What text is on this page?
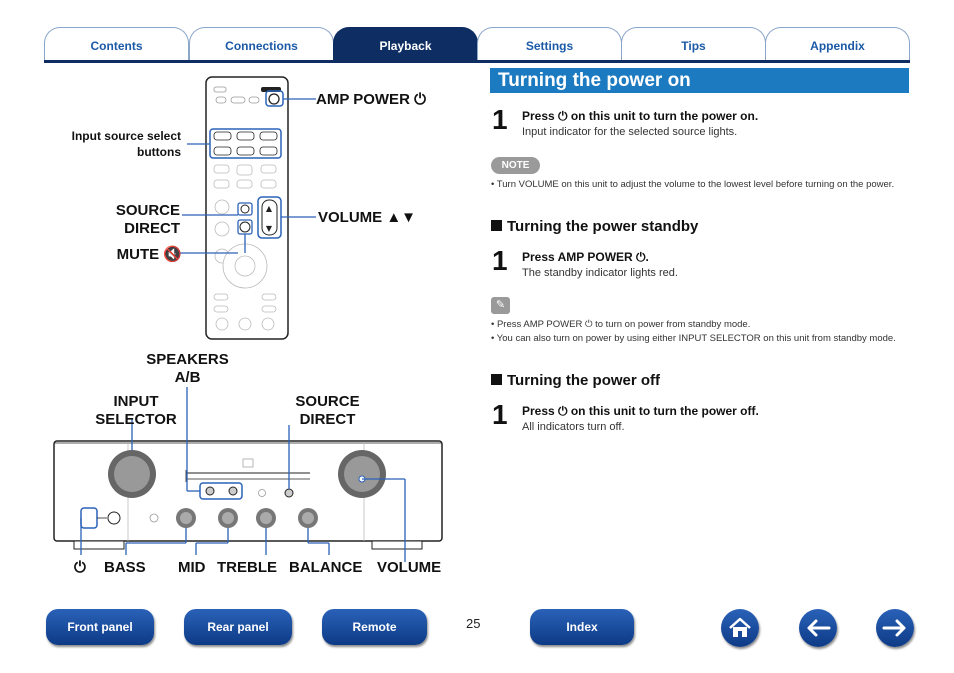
Contents	Connections	Playback	Settings	Tips	Appendix
▲
▼
AMP POWER ⏻
Input source select
buttons
SOURCE
DIRECT
VOLUME ▲▼
MUTE 🔇
SPEAKERS
A/B
INPUT
SELECTOR
SOURCE
DIRECT
⏻ BASS MID TREBLE BALANCE VOLUME
Turning the power on
1 Press ⏻ on this unit to turn the power on.
Input indicator for the selected source lights.
NOTE
• Turn VOLUME on this unit to adjust the volume to the lowest level before turning on the power.
Turning the power standby
1 Press AMP POWER ⏻.
The standby indicator lights red.
✎
• Press AMP POWER ⏻ to turn on power from standby mode.
• You can also turn on power by using either INPUT SELECTOR on this unit from standby mode.
Turning the power off
1 Press ⏻ on this unit to turn the power off.
All indicators turn off.
Front panel	Rear panel	Remote	25	Index
